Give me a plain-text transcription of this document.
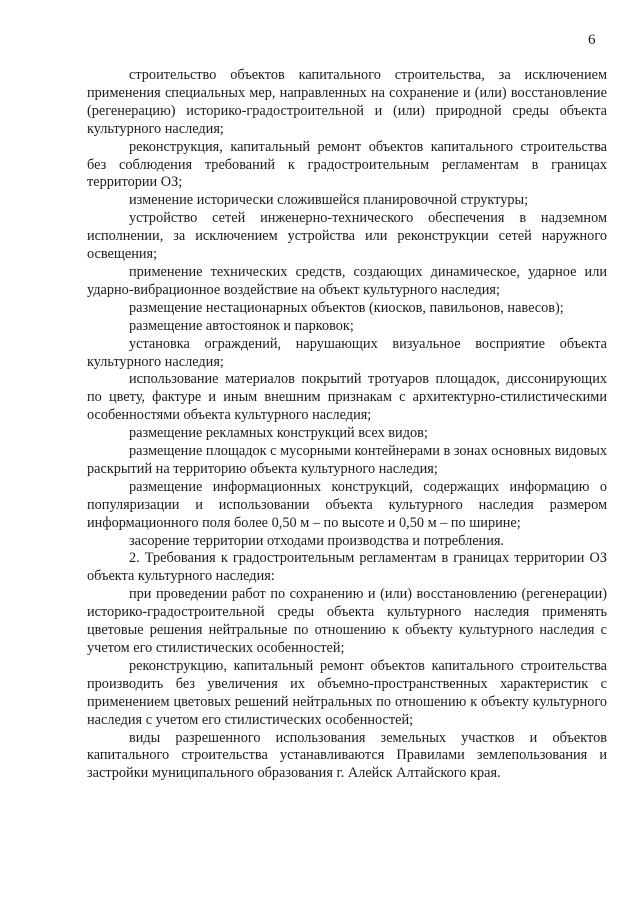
6

строительство объектов капитального строительства, за исключением применения специальных мер, направленных на сохранение и (или) восстановление (регенерацию) историко-градостроительной и (или) природной среды объекта культурного наследия;

реконструкция, капитальный ремонт объектов капитального строительства без соблюдения требований к градостроительным регламентам в границах территории ОЗ;

изменение исторически сложившейся планировочной структуры;

устройство сетей инженерно-технического обеспечения в надземном исполнении, за исключением устройства или реконструкции сетей наружного освещения;

применение технических средств, создающих динамическое, ударное или ударно-вибрационное воздействие на объект культурного наследия;

размещение нестационарных объектов (киосков, павильонов, навесов);

размещение автостоянок и парковок;

установка ограждений, нарушающих визуальное восприятие объекта культурного наследия;

использование материалов покрытий тротуаров площадок, диссонирующих по цвету, фактуре и иным внешним признакам с архитектурно-стилистическими особенностями объекта культурного наследия;

размещение рекламных конструкций всех видов;

размещение площадок с мусорными контейнерами в зонах основных видовых раскрытий на территорию объекта культурного наследия;

размещение информационных конструкций, содержащих информацию о популяризации и использовании объекта культурного наследия размером информационного поля более 0,50 м – по высоте и 0,50 м – по ширине;

засорение территории отходами производства и потребления.

2. Требования к градостроительным регламентам в границах территории ОЗ объекта культурного наследия:

при проведении работ по сохранению и (или) восстановлению (регенерации) историко-градостроительной среды объекта культурного наследия применять цветовые решения нейтральные по отношению к объекту культурного наследия с учетом его стилистических особенностей;

реконструкцию, капитальный ремонт объектов капитального строительства производить без увеличения их объемно-пространственных характеристик с применением цветовых решений нейтральных по отношению к объекту культурного наследия с учетом его стилистических особенностей;

виды разрешенного использования земельных участков и объектов капитального строительства устанавливаются Правилами землепользования и застройки муниципального образования г. Алейск Алтайского края.
